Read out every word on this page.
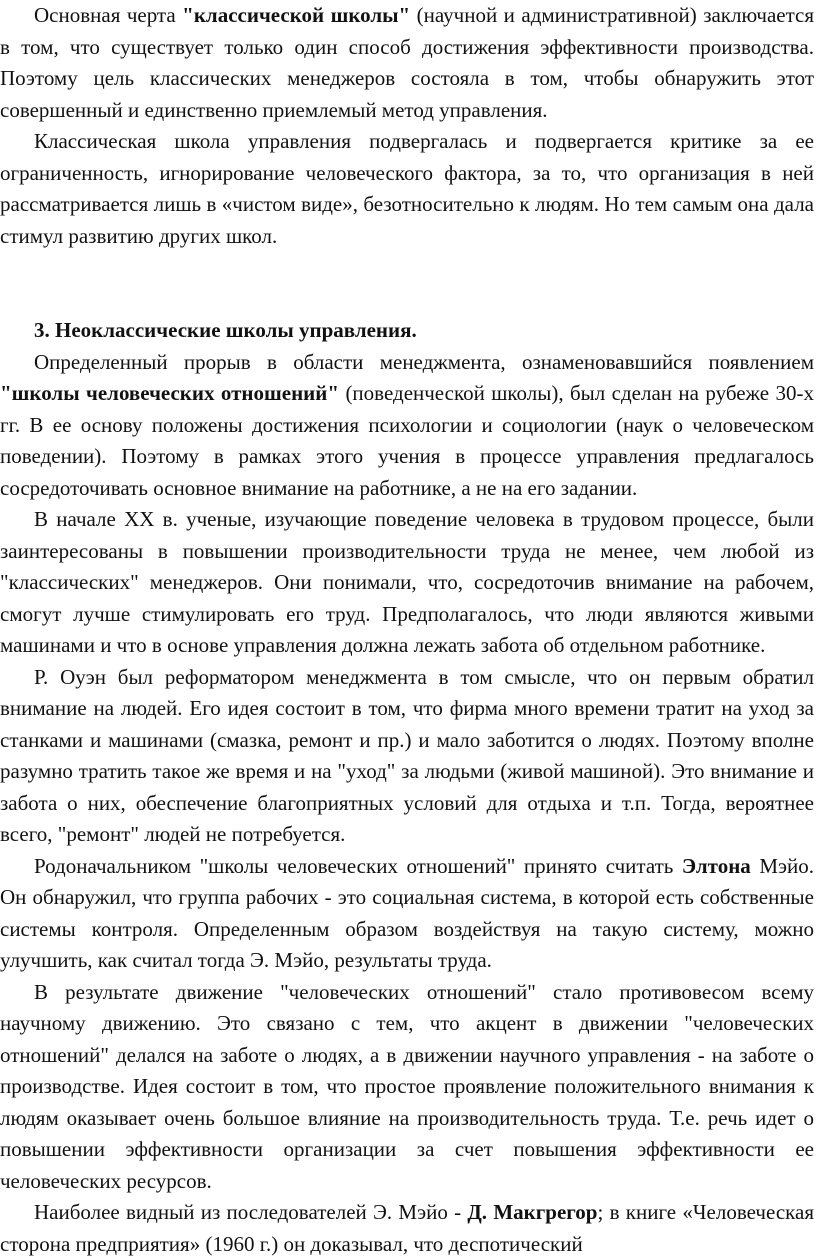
Основная черта "классической школы" (научной и административной) заключается в том, что существует только один способ достижения эффективности производства. Поэтому цель классических менеджеров состояла в том, чтобы обнаружить этот совершенный и единственно приемлемый метод управления.

Классическая школа управления подвергалась и подвергается критике за ее ограниченность, игнорирование человеческого фактора, за то, что организация в ней рассматривается лишь в «чистом виде», безотносительно к людям. Но тем самым она дала стимул развитию других школ.

3. Неоклассические школы управления.

Определенный прорыв в области менеджмента, ознаменовавшийся появлением "школы человеческих отношений" (поведенческой школы), был сделан на рубеже 30-х гг. В ее основу положены достижения психологии и социологии (наук о человеческом поведении). Поэтому в рамках этого учения в процессе управления предлагалось сосредоточивать основное внимание на работнике, а не на его задании.

В начале XX в. ученые, изучающие поведение человека в трудовом процессе, были заинтересованы в повышении производительности труда не менее, чем любой из "классических" менеджеров. Они понимали, что, сосредоточив внимание на рабочем, смогут лучше стимулировать его труд. Предполагалось, что люди являются живыми машинами и что в основе управления должна лежать забота об отдельном работнике.

Р. Оуэн был реформатором менеджмента в том смысле, что он первым обратил внимание на людей. Его идея состоит в том, что фирма много времени тратит на уход за станками и машинами (смазка, ремонт и пр.) и мало заботится о людях. Поэтому вполне разумно тратить такое же время и на "уход" за людьми (живой машиной). Это внимание и забота о них, обеспечение благоприятных условий для отдыха и т.п. Тогда, вероятнее всего, "ремонт" людей не потребуется.

Родоначальником "школы человеческих отношений" принято считать Элтона Мэйо. Он обнаружил, что группа рабочих - это социальная система, в которой есть собственные системы контроля. Определенным образом воздействуя на такую систему, можно улучшить, как считал тогда Э. Мэйо, результаты труда.

В результате движение "человеческих отношений" стало противовесом всему научному движению. Это связано с тем, что акцент в движении "человеческих отношений" делался на заботе о людях, а в движении научного управления - на заботе о производстве. Идея состоит в том, что простое проявление положительного внимания к людям оказывает очень большое влияние на производительность труда. Т.е. речь идет о повышении эффективности организации за счет повышения эффективности ее человеческих ресурсов.

Наиболее видный из последователей Э. Мэйо - Д. Макгрегор; в книге «Человеческая сторона предприятия» (1960 г.) он доказывал, что деспотический
